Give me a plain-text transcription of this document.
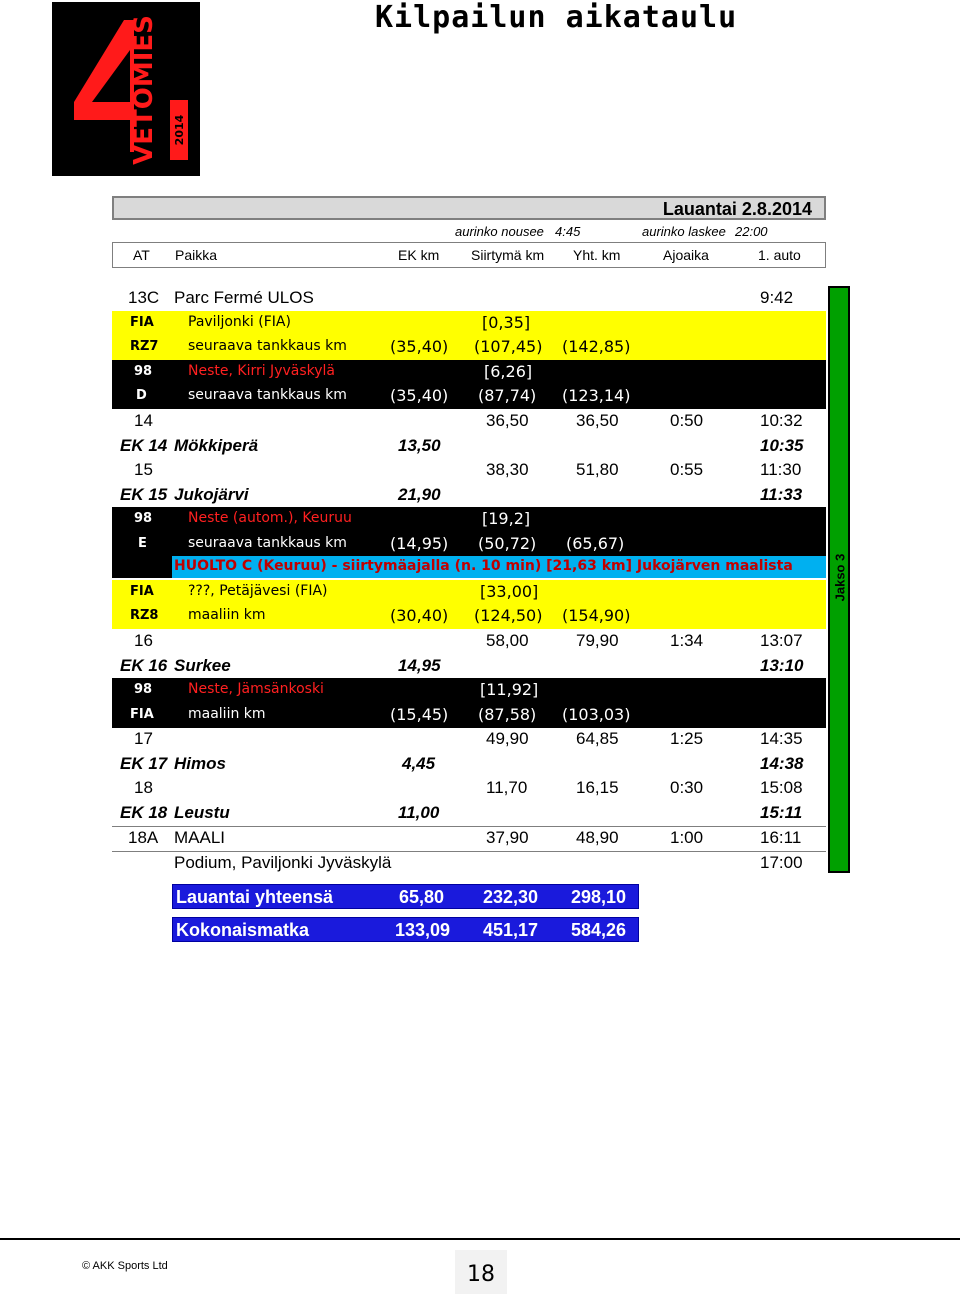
VETOMIES 2014
Kilpailun aikataulu
Lauantai 2.8.2014
aurinko nousee 4:45	aurinko laskee 22:00
AT Paikka	EK km Siirtymä km Yht. km	Ajoaika	1. auto
13C Parc Fermé ULOS	9:42
FIA Paviljonki (FIA)	[0,35]
RZ7 seuraava tankkaus km	(35,40) (107,45) (142,85)
98	Neste, Kirri Jyväskylä	[6,26]
D	seuraava tankkaus km	(35,40) (87,74) (123,14)
14	36,50	36,50	0:50	10:32
EK 14 Mökkiperä	13,50	10:35
15	38,30	51,80	0:55	11:30
EK 15 Jukojärvi	21,90	11:33
98	Neste (autom.), Keuruu	[19,2]
E	seuraava tankkaus km	(14,95) (50,72) (65,67)
HUOLTO C (Keuruu) - siirtymäajalla (n. 10 min) [21,63 km] Jukojärven maalista
FIA ???, Petäjävesi (FIA)	[33,00]
RZ8 maaliin km	(30,40) (124,50) (154,90)
16	58,00	79,90	1:34	13:07
EK 16 Surkee	14,95	13:10
98	Neste, Jämsänkoski	[11,92]
FIA maaliin km	(15,45) (87,58) (103,03)
17	49,90	64,85	1:25	14:35
EK 17 Himos	4,45	14:38
18	11,70	16,15	0:30	15:08
EK 18 Leustu	11,00	15:11
18A MAALI	37,90	48,90	1:00	16:11
Podium, Paviljonki Jyväskylä	17:00
Jakso 3
Lauantai yhteensä	65,80 232,30 298,10
Kokonaismatka	133,09 451,17 584,26
© AKK Sports Ltd	18
